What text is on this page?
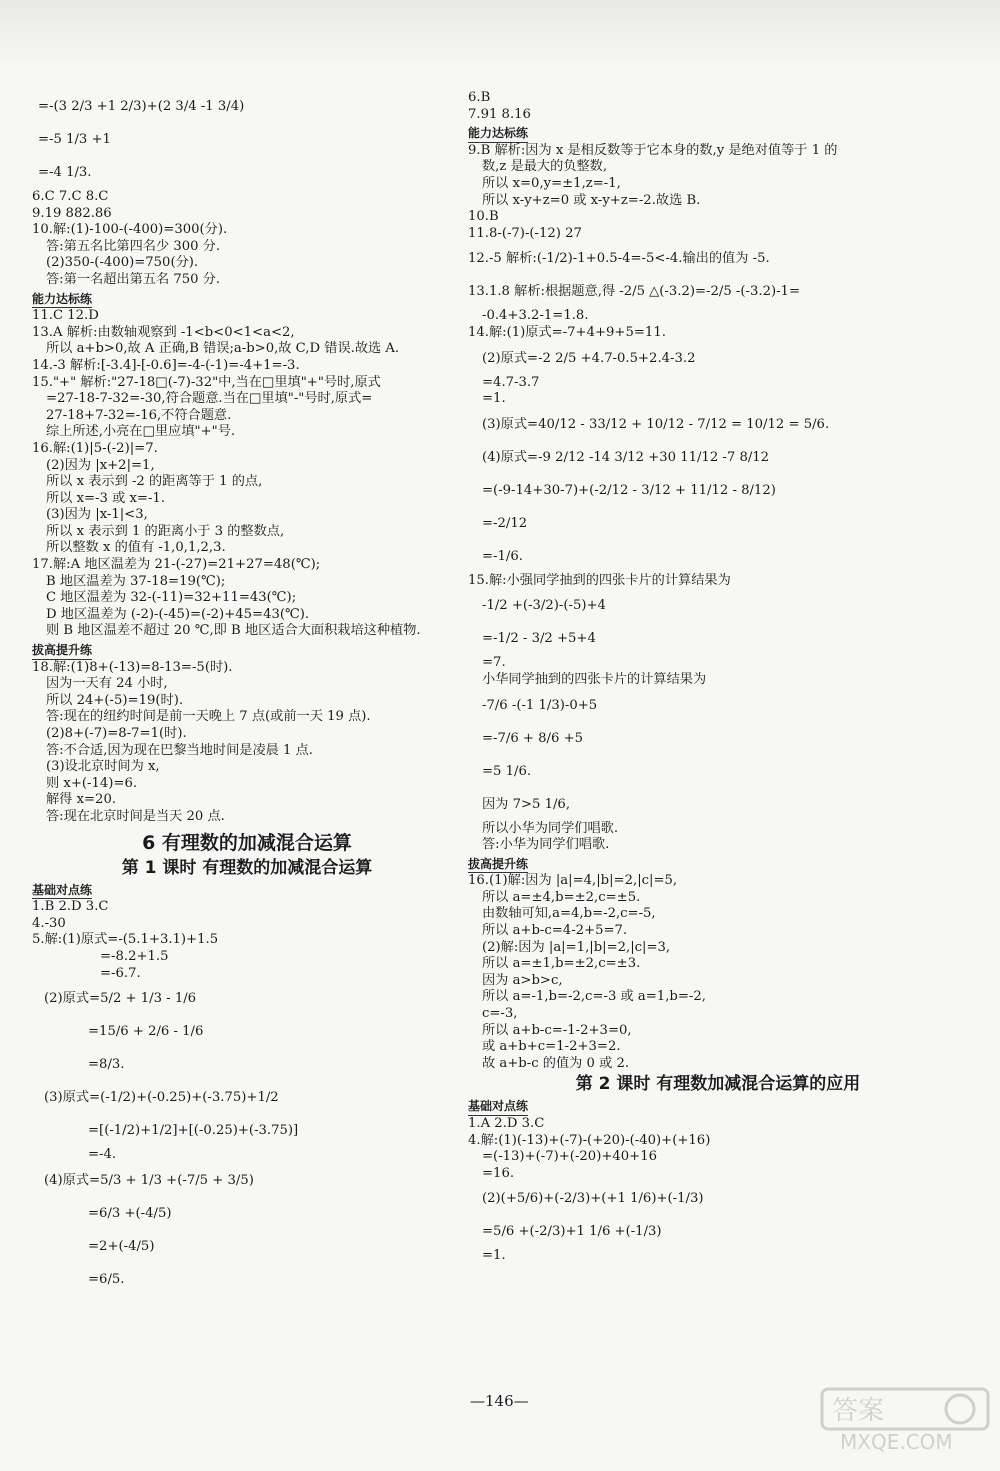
=-(3 2/3 +1 2/3)+(2 3/4 -1 3/4)
=-5 1/3 +1
=-4 1/3.
6.C 7.C 8.C
9.19 882.86
10.解:(1)-100-(-400)=300(分).
答:第五名比第四名少 300 分.
(2)350-(-400)=750(分).
答:第一名超出第五名 750 分.
能力达标练
11.C 12.D
13.A 解析:由数轴观察到 -1<b<0<1<a<2,
所以 a+b>0,故 A 正确,B 错误;a-b>0,故 C,D 错误.故选 A.
14.-3 解析:[-3.4]-[-0.6]=-4-(-1)=-4+1=-3.
15."+" 解析:"27-18□(-7)-32"中,当在□里填"+"号时,原式
=27-18-7-32=-30,符合题意.当在□里填"-"号时,原式=
27-18+7-32=-16,不符合题意.
综上所述,小亮在□里应填"+"号.
16.解:(1)|5-(-2)|=7.
(2)因为 |x+2|=1,
所以 x 表示到 -2 的距离等于 1 的点,
所以 x=-3 或 x=-1.
(3)因为 |x-1|<3,
所以 x 表示到 1 的距离小于 3 的整数点,
所以整数 x 的值有 -1,0,1,2,3.
17.解:A 地区温差为 21-(-27)=21+27=48(℃);
B 地区温差为 37-18=19(℃);
C 地区温差为 32-(-11)=32+11=43(℃);
D 地区温差为 (-2)-(-45)=(-2)+45=43(℃).
则 B 地区温差不超过 20 ℃,即 B 地区适合大面积栽培这种植物.
拔高提升练
18.解:(1)8+(-13)=8-13=-5(时).
因为一天有 24 小时,
所以 24+(-5)=19(时).
答:现在的纽约时间是前一天晚上 7 点(或前一天 19 点).
(2)8+(-7)=8-7=1(时).
答:不合适,因为现在巴黎当地时间是凌晨 1 点.
(3)设北京时间为 x,
则 x+(-14)=6.
解得 x=20.
答:现在北京时间是当天 20 点.
6 有理数的加减混合运算
第 1 课时 有理数的加减混合运算
基础对点练
1.B 2.D 3.C
4.-30
5.解:(1)原式=-(5.1+3.1)+1.5
=-8.2+1.5
=-6.7.
(2)原式=5/2 + 1/3 - 1/6
=15/6 + 2/6 - 1/6
=8/3.
(3)原式=(-1/2)+(-0.25)+(-3.75)+1/2
=[(-1/2)+1/2]+[(-0.25)+(-3.75)]
=-4.
(4)原式=5/3 + 1/3 +(-7/5 + 3/5)
=6/3 +(-4/5)
=2+(-4/5)
=6/5.
6.B
7.91 8.16
能力达标练
9.B 解析:因为 x 是相反数等于它本身的数,y 是绝对值等于 1 的
数,z 是最大的负整数,
所以 x=0,y=±1,z=-1,
所以 x-y+z=0 或 x-y+z=-2.故选 B.
10.B
11.8-(-7)-(-12) 27
12.-5 解析:(-1/2)-1+0.5-4=-5<-4.输出的值为 -5.
13.1.8 解析:根据题意,得 -2/5 △(-3.2)=-2/5 -(-3.2)-1=
-0.4+3.2-1=1.8.
14.解:(1)原式=-7+4+9+5=11.
(2)原式=-2 2/5 +4.7-0.5+2.4-3.2
=4.7-3.7
=1.
(3)原式=40/12 - 33/12 + 10/12 - 7/12 = 10/12 = 5/6.
(4)原式=-9 2/12 -14 3/12 +30 11/12 -7 8/12
=(-9-14+30-7)+(-2/12 - 3/12 + 11/12 - 8/12)
=-2/12
=-1/6.
15.解:小强同学抽到的四张卡片的计算结果为
-1/2 +(-3/2)-(-5)+4
=-1/2 - 3/2 +5+4
=7.
小华同学抽到的四张卡片的计算结果为
-7/6 -(-1 1/3)-0+5
=-7/6 + 8/6 +5
=5 1/6.
因为 7>5 1/6,
所以小华为同学们唱歌.
答:小华为同学们唱歌.
拔高提升练
16.(1)解:因为 |a|=4,|b|=2,|c|=5,
所以 a=±4,b=±2,c=±5.
由数轴可知,a=4,b=-2,c=-5,
所以 a+b-c=4-2+5=7.
(2)解:因为 |a|=1,|b|=2,|c|=3,
所以 a=±1,b=±2,c=±3.
因为 a>b>c,
所以 a=-1,b=-2,c=-3 或 a=1,b=-2,
c=-3,
所以 a+b-c=-1-2+3=0,
或 a+b+c=1-2+3=2.
故 a+b-c 的值为 0 或 2.
第 2 课时 有理数加减混合运算的应用
基础对点练
1.A 2.D 3.C
4.解:(1)(-13)+(-7)-(+20)-(-40)+(+16)
=(-13)+(-7)+(-20)+40+16
=16.
(2)(+5/6)+(-2/3)+(+1 1/6)+(-1/3)
=5/6 +(-2/3)+1 1/6 +(-1/3)
=1.
—146—	答案
MXQE.COM
